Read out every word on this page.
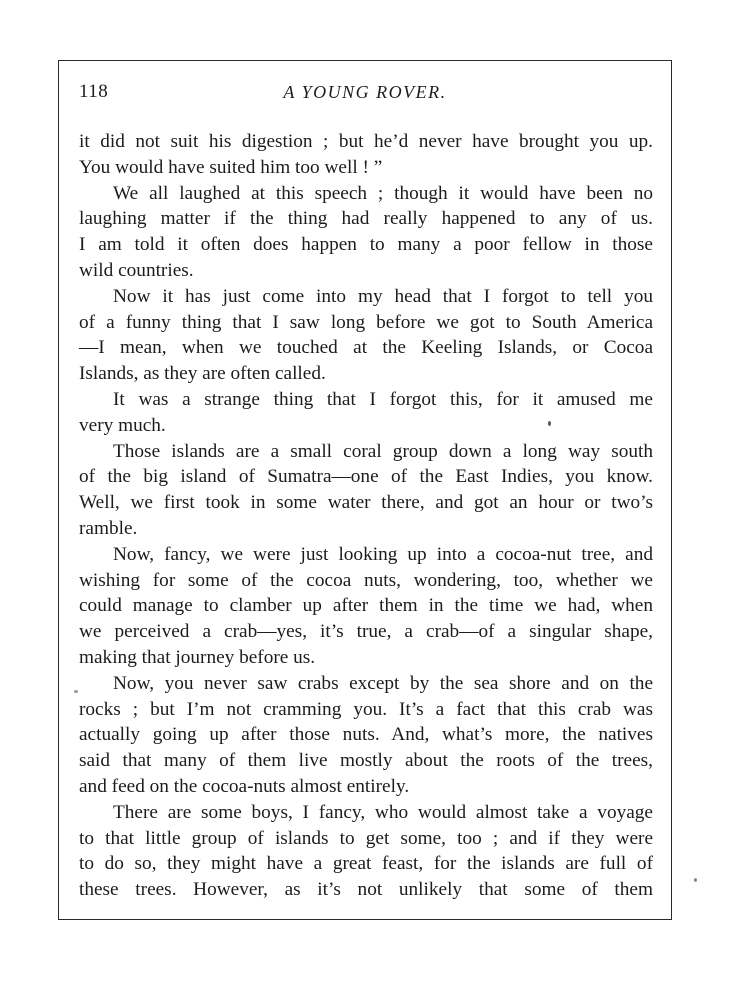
118	A YOUNG ROVER.
it did not suit his digestion ; but he’d never have brought you up.
You would have suited him too well ! ”
We all laughed at this speech ; though it would have been no
laughing matter if the thing had really happened to any of us.
I am told it often does happen to many a poor fellow in those
wild countries.
Now it has just come into my head that I forgot to tell you
of a funny thing that I saw long before we got to South America
—I mean, when we touched at the Keeling Islands, or Cocoa
Islands, as they are often called.
It was a strange thing that I forgot this, for it amused me
very much.
Those islands are a small coral group down a long way south
of the big island of Sumatra—one of the East Indies, you know.
Well, we first took in some water there, and got an hour or two’s
ramble.
Now, fancy, we were just looking up into a cocoa-nut tree, and
wishing for some of the cocoa nuts, wondering, too, whether we
could manage to clamber up after them in the time we had, when
we perceived a crab—yes, it’s true, a crab—of a singular shape,
making that journey before us.
Now, you never saw crabs except by the sea shore and on the
rocks ; but I’m not cramming you. It’s a fact that this crab was
actually going up after those nuts. And, what’s more, the natives
said that many of them live mostly about the roots of the trees,
and feed on the cocoa-nuts almost entirely.
There are some boys, I fancy, who would almost take a voyage
to that little group of islands to get some, too ; and if they were
to do so, they might have a great feast, for the islands are full of
these trees. However, as it’s not unlikely that some of them
